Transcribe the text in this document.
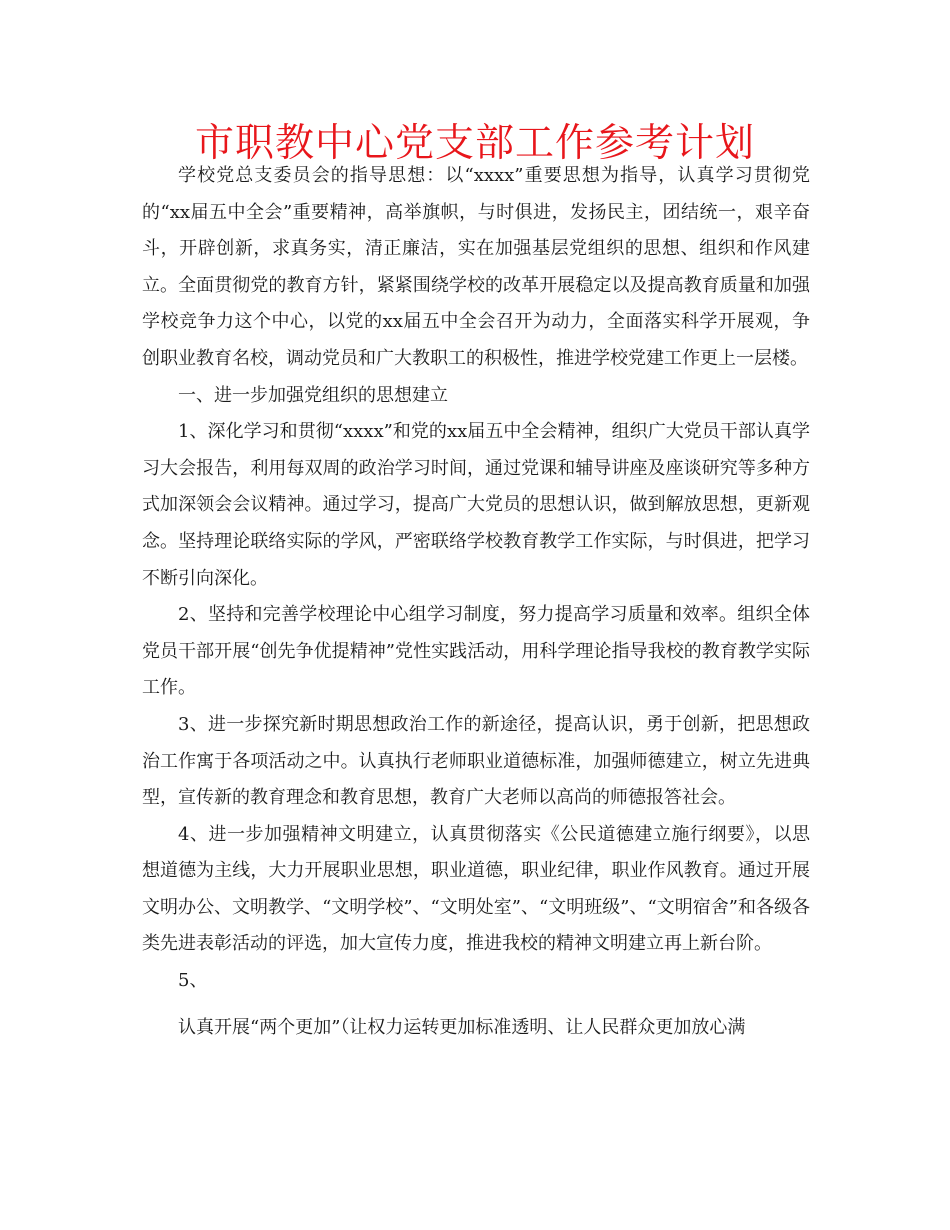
市职教中心党支部工作参考计划

学校党总支委员会的指导思想：以“xxxx”重要思想为指导，认真学习贯彻党的“xx届五中全会”重要精神，高举旗帜，与时俱进，发扬民主，团结统一，艰辛奋斗，开辟创新，求真务实，清正廉洁，实在加强基层党组织的思想、组织和作风建立。全面贯彻党的教育方针，紧紧围绕学校的改革开展稳定以及提高教育质量和加强学校竞争力这个中心，以党的xx届五中全会召开为动力，全面落实科学开展观，争创职业教育名校，调动党员和广大教职工的积极性，推进学校党建工作更上一层楼。

一、进一步加强党组织的思想建立

1、深化学习和贯彻“xxxx”和党的xx届五中全会精神，组织广大党员干部认真学习大会报告，利用每双周的政治学习时间，通过党课和辅导讲座及座谈研究等多种方式加深领会会议精神。通过学习，提高广大党员的思想认识，做到解放思想，更新观念。坚持理论联络实际的学风，严密联络学校教育教学工作实际，与时俱进，把学习不断引向深化。

2、坚持和完善学校理论中心组学习制度，努力提高学习质量和效率。组织全体党员干部开展“创先争优提精神”党性实践活动，用科学理论指导我校的教育教学实际工作。

3、进一步探究新时期思想政治工作的新途径，提高认识，勇于创新，把思想政治工作寓于各项活动之中。认真执行老师职业道德标准，加强师德建立，树立先进典型，宣传新的教育理念和教育思想，教育广大老师以高尚的师德报答社会。

4、进一步加强精神文明建立，认真贯彻落实《公民道德建立施行纲要》，以思想道德为主线，大力开展职业思想，职业道德，职业纪律，职业作风教育。通过开展文明办公、文明教学、“文明学校”、“文明处室”、“文明班级”、“文明宿舍”和各级各类先进表彰活动的评选，加大宣传力度，推进我校的精神文明建立再上新台阶。

5、

认真开展“两个更加”（让权力运转更加标准透明、让人民群众更加放心满
